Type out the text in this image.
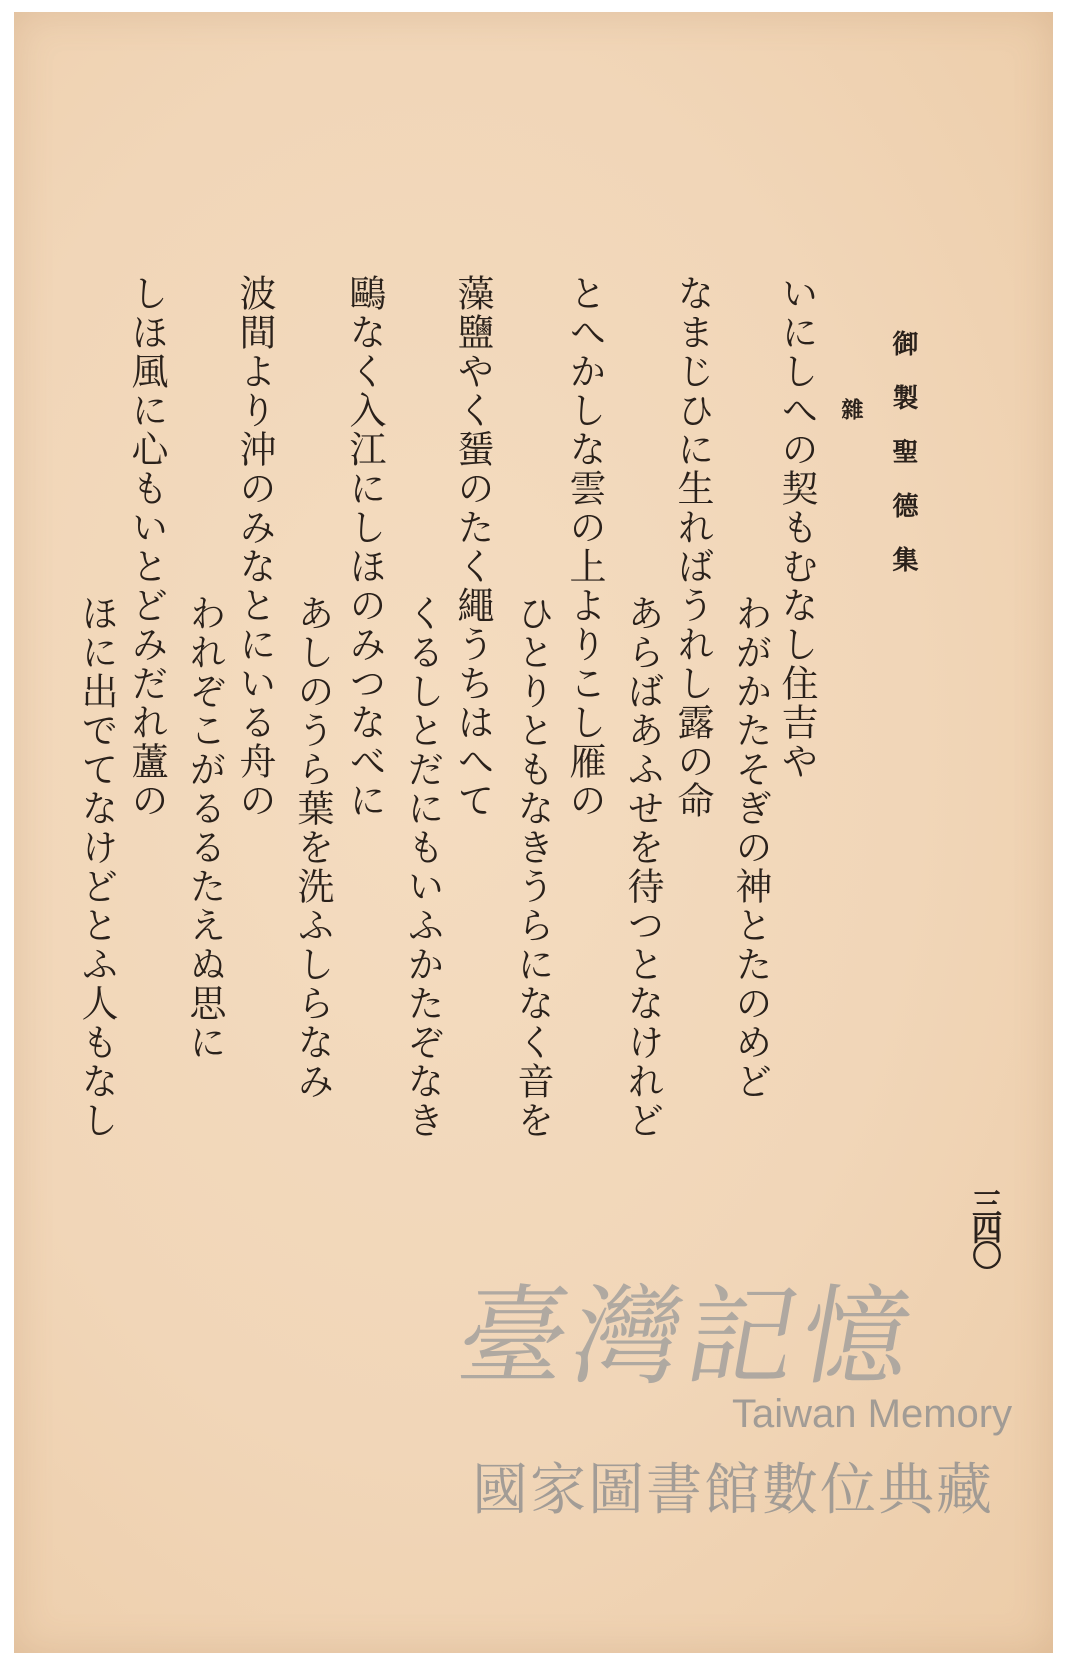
御製聖德集
雜
いにしへの契もむなし住吉や
わがかたそぎの神とたのめど
なまじひに生ればうれし露の命
あらばあふせを待つとなけれど
とへかしな雲の上よりこし雁の
ひとりともなきうらになく音を
藻鹽やく蜑のたく繩うちはへて
くるしとだにもいふかたぞなき
鷗なく入江にしほのみつなべに
あしのうら葉を洗ふしらなみ
波間より沖のみなとにいる舟の
われぞこがるるたえぬ思に
しほ風に心もいとどみだれ蘆の
ほに出でてなけどとふ人もなし
三四〇
臺灣記憶
Taiwan Memory
國家圖書館數位典藏
